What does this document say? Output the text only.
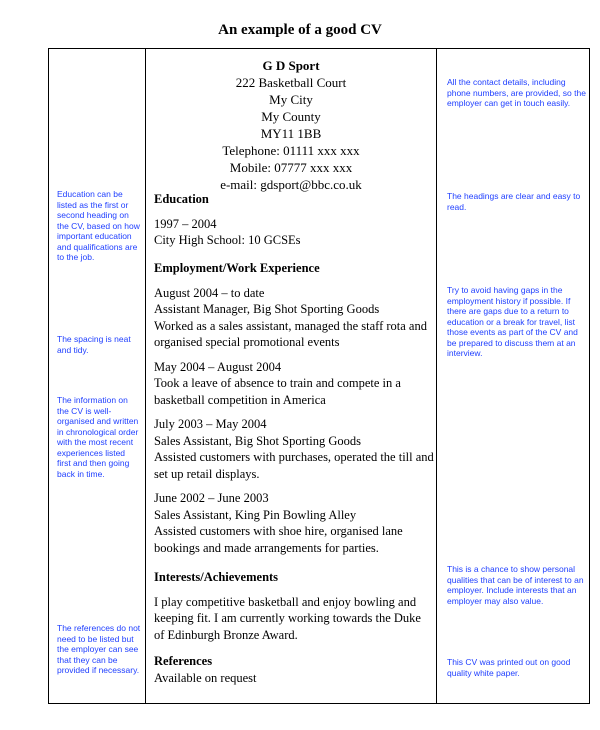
An example of a good CV
Education can be listed as the first or second heading on the CV, based on how important education and qualifications are to the job.
The spacing is neat and tidy.
The information on the CV is well-organised and written in chronological order with the most recent experiences listed first and then going back in time.
The references do not need to be listed but the employer can see that they can be provided if necessary.
G D Sport
222 Basketball Court
My City
My County
MY11 1BB
Telephone: 01111 xxx xxx
Mobile: 07777 xxx xxx
e-mail: gdsport@bbc.co.uk
Education
1997 – 2004
City High School: 10 GCSEs
Employment/Work Experience
August 2004 – to date
Assistant Manager, Big Shot Sporting Goods
Worked as a sales assistant, managed the staff rota and organised special promotional events
May 2004 – August 2004
Took a leave of absence to train and compete in a basketball competition in America
July 2003 – May 2004
Sales Assistant, Big Shot Sporting Goods
Assisted customers with purchases, operated the till and set up retail displays.
June 2002 – June 2003
Sales Assistant, King Pin Bowling Alley
Assisted customers with shoe hire, organised lane bookings and made arrangements for parties.
Interests/Achievements
I play competitive basketball and enjoy bowling and keeping fit. I am currently working towards the Duke of Edinburgh Bronze Award.
References
Available on request
All the contact details, including phone numbers, are provided, so the employer can get in touch easily.
The headings are clear and easy to read.
Try to avoid having gaps in the employment history if possible. If there are gaps due to a return to education or a break for travel, list those events as part of the CV and be prepared to discuss them at an interview.
This is a chance to show personal qualities that can be of interest to an employer. Include interests that an employer may also value.
This CV was printed out on good quality white paper.
